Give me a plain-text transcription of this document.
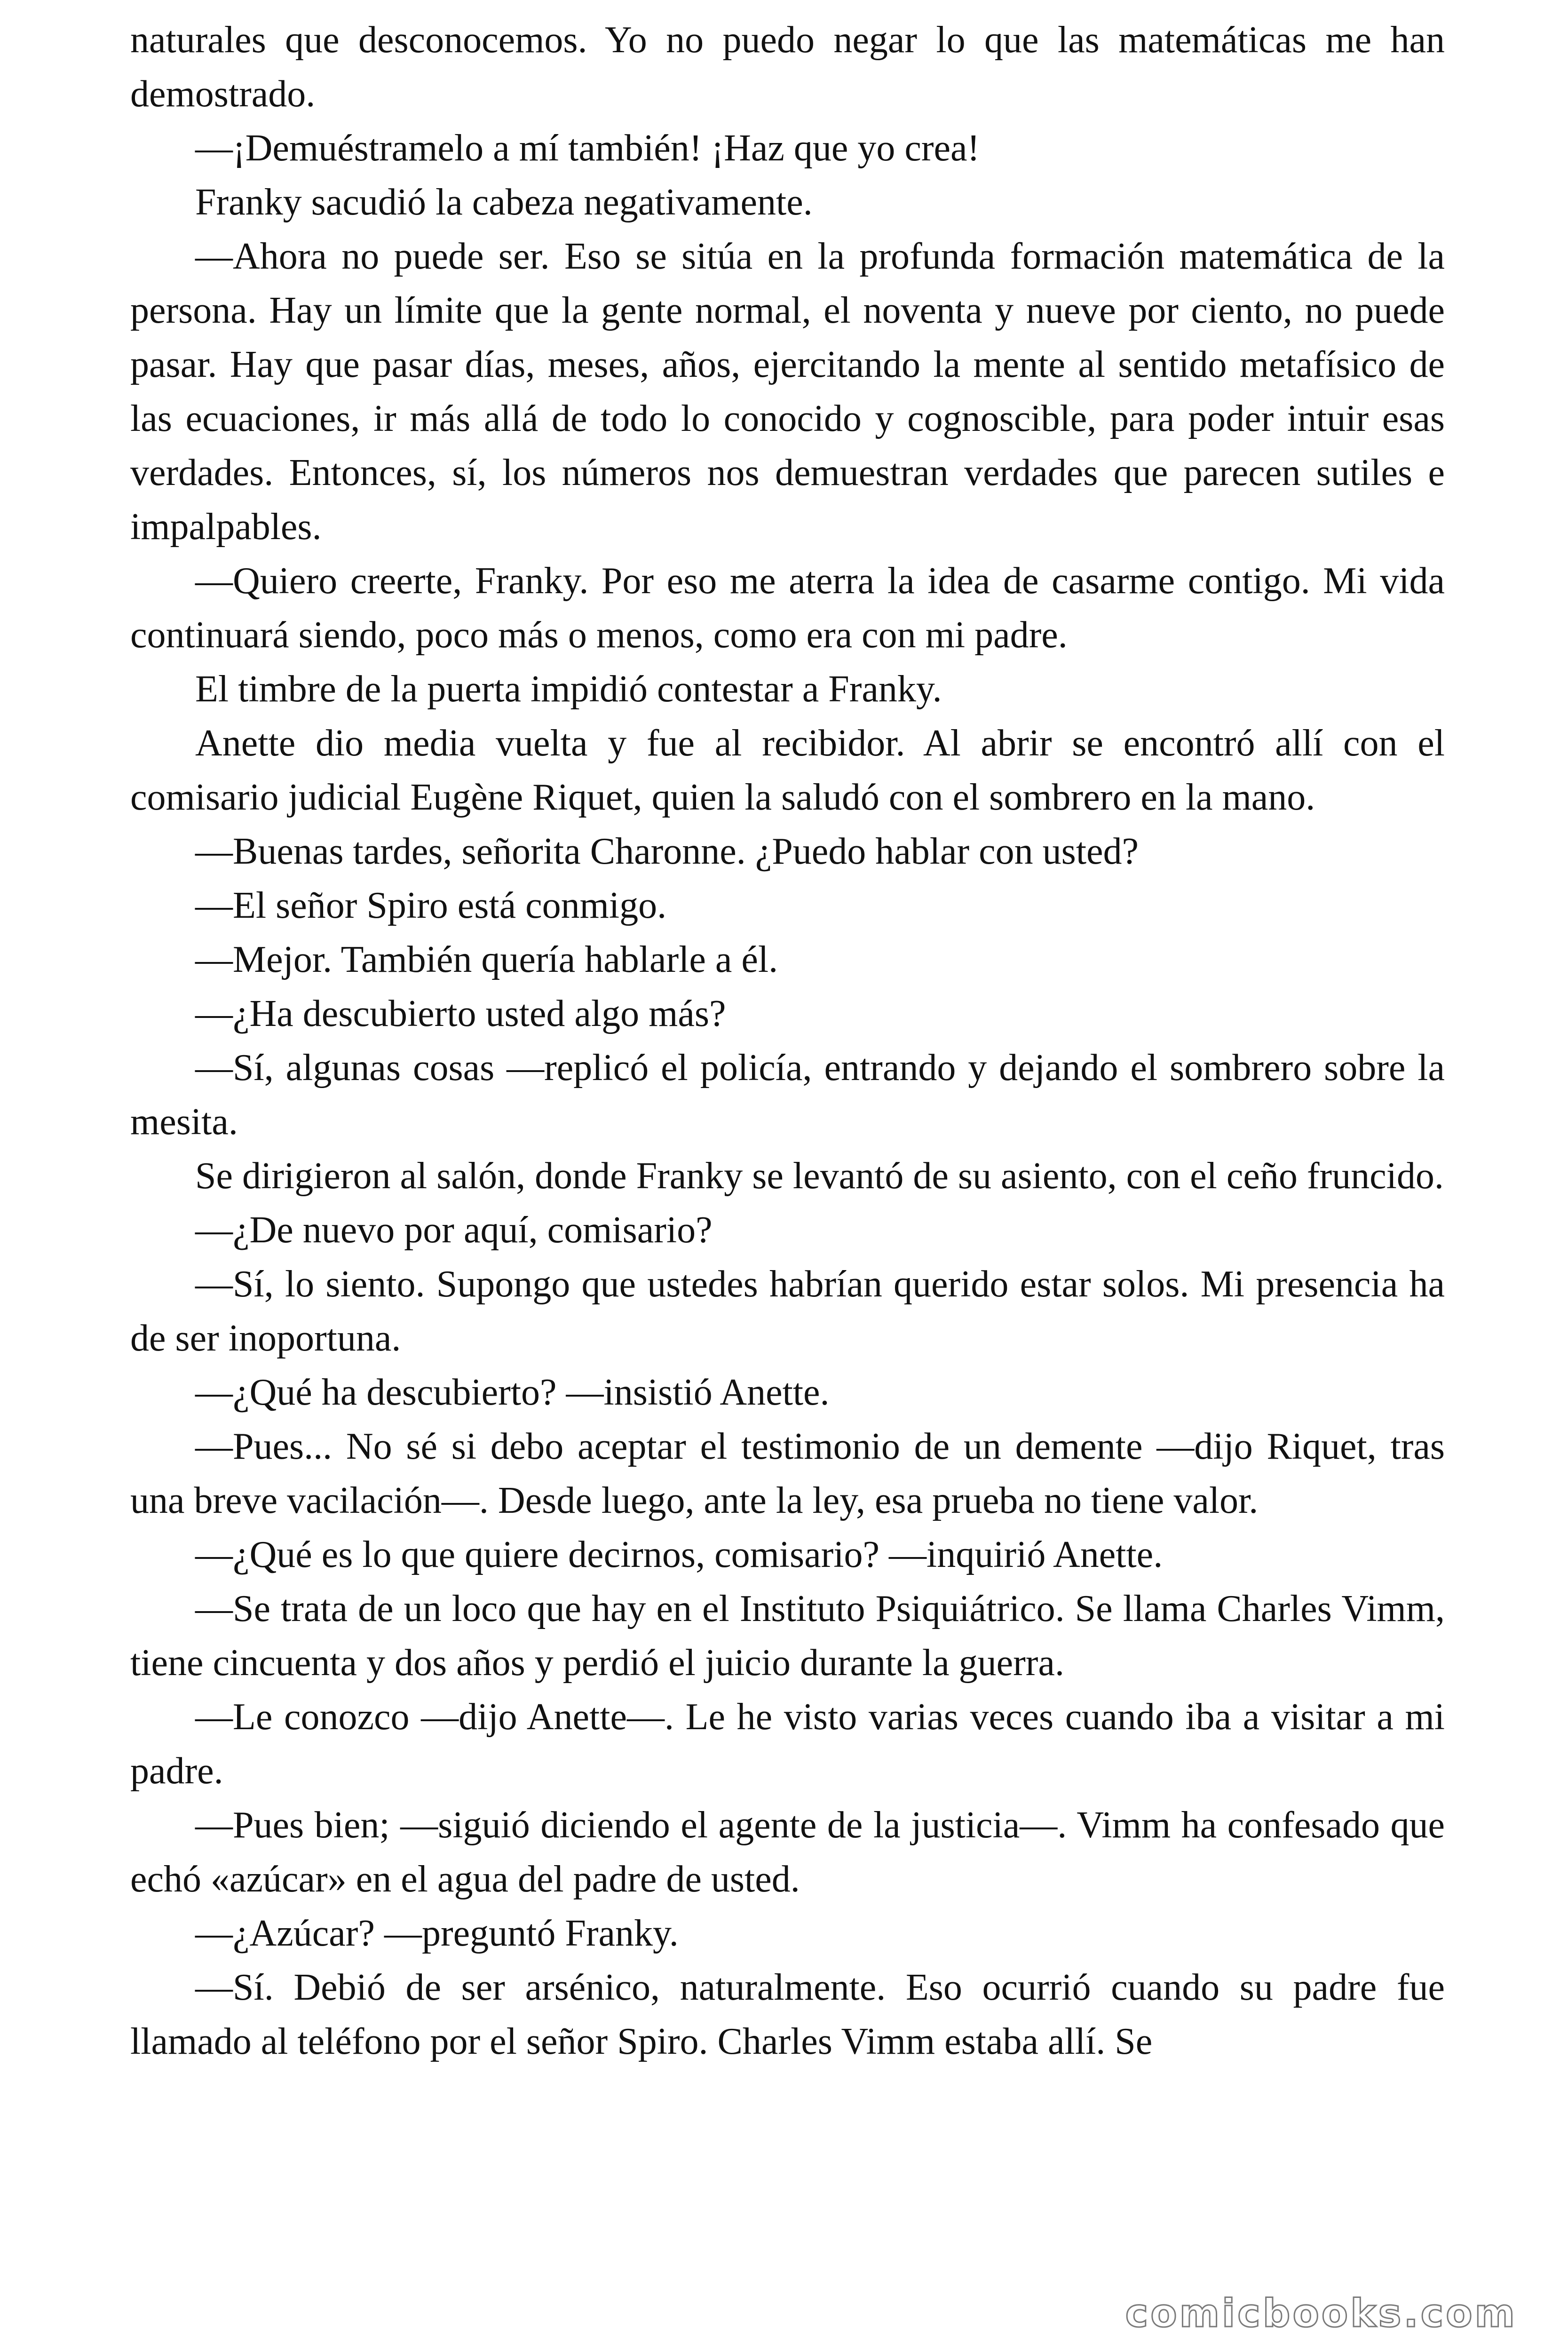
naturales que desconocemos. Yo no puedo negar lo que las matemáticas me han demostrado.

—¡Demuéstramelo a mí también! ¡Haz que yo crea!

Franky sacudió la cabeza negativamente.

—Ahora no puede ser. Eso se sitúa en la profunda formación matemática de la persona. Hay un límite que la gente normal, el noventa y nueve por ciento, no puede pasar. Hay que pasar días, meses, años, ejercitando la mente al sentido metafísico de las ecuaciones, ir más allá de todo lo conocido y cognoscible, para poder intuir esas verdades. Entonces, sí, los números nos demuestran verdades que parecen sutiles e impalpables.

—Quiero creerte, Franky. Por eso me aterra la idea de casarme contigo. Mi vida continuará siendo, poco más o menos, como era con mi padre.

El timbre de la puerta impidió contestar a Franky.

Anette dio media vuelta y fue al recibidor. Al abrir se encontró allí con el comisario judicial Eugène Riquet, quien la saludó con el sombrero en la mano.

—Buenas tardes, señorita Charonne. ¿Puedo hablar con usted?

—El señor Spiro está conmigo.

—Mejor. También quería hablarle a él.

—¿Ha descubierto usted algo más?

—Sí, algunas cosas —replicó el policía, entrando y dejando el sombrero sobre la mesita.

Se dirigieron al salón, donde Franky se levantó de su asiento, con el ceño fruncido.

—¿De nuevo por aquí, comisario?

—Sí, lo siento. Supongo que ustedes habrían querido estar solos. Mi presencia ha de ser inoportuna.

—¿Qué ha descubierto? —insistió Anette.

—Pues... No sé si debo aceptar el testimonio de un demente —dijo Riquet, tras una breve vacilación—. Desde luego, ante la ley, esa prueba no tiene valor.

—¿Qué es lo que quiere decirnos, comisario? —inquirió Anette.

—Se trata de un loco que hay en el Instituto Psiquiátrico. Se llama Charles Vimm, tiene cincuenta y dos años y perdió el juicio durante la guerra.

—Le conozco —dijo Anette—. Le he visto varias veces cuando iba a visitar a mi padre.

—Pues bien; —siguió diciendo el agente de la justicia—. Vimm ha confesado que echó «azúcar» en el agua del padre de usted.

—¿Azúcar? —preguntó Franky.

—Sí. Debió de ser arsénico, naturalmente. Eso ocurrió cuando su padre fue llamado al teléfono por el señor Spiro. Charles Vimm estaba allí. Se

comicbooks.com
